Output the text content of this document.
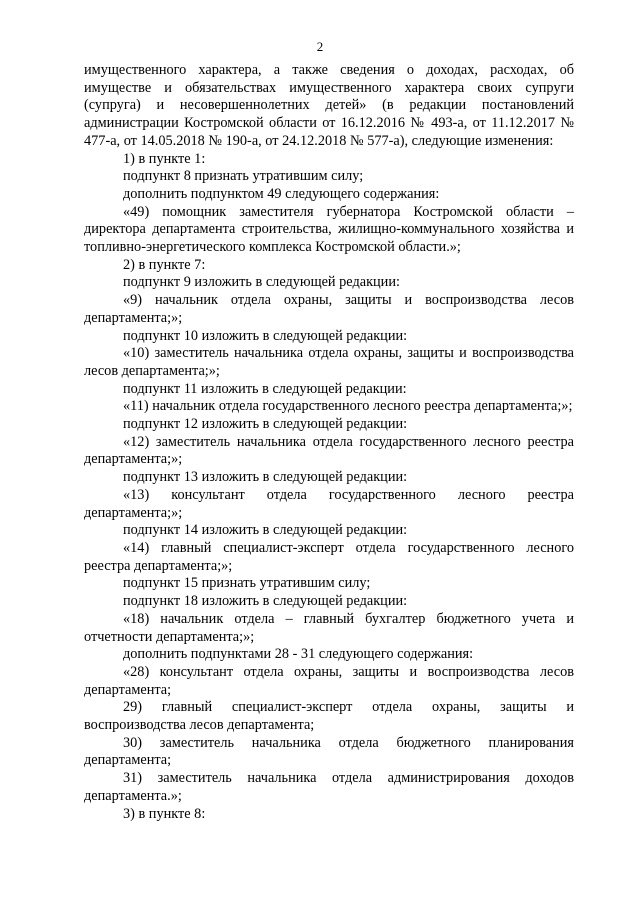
2

имущественного характера, а также сведения о доходах, расходах, об имуществе и обязательствах имущественного характера своих супруги (супруга) и несовершеннолетних детей» (в редакции постановлений администрации Костромской области от 16.12.2016 № 493-а, от 11.12.2017 № 477-а, от 14.05.2018 № 190-а, от 24.12.2018 № 577-а), следующие изменения:

1) в пункте 1:

подпункт 8 признать утратившим силу;

дополнить подпунктом 49 следующего содержания:

«49) помощник заместителя губернатора Костромской области – директора департамента строительства, жилищно-коммунального хозяйства и топливно-энергетического комплекса Костромской области.»;

2) в пункте 7:

подпункт 9 изложить в следующей редакции:

«9) начальник отдела охраны, защиты и воспроизводства лесов департамента;»;

подпункт 10 изложить в следующей редакции:

«10) заместитель начальника отдела охраны, защиты и воспроизводства лесов департамента;»;

подпункт 11 изложить в следующей редакции:

«11) начальник отдела государственного лесного реестра департамента;»;

подпункт 12 изложить в следующей редакции:

«12) заместитель начальника отдела государственного лесного реестра департамента;»;

подпункт 13 изложить в следующей редакции:

«13) консультант отдела государственного лесного реестра департамента;»;

подпункт 14 изложить в следующей редакции:

«14) главный специалист-эксперт отдела государственного лесного реестра департамента;»;

подпункт 15 признать утратившим силу;

подпункт 18 изложить в следующей редакции:

«18) начальник отдела – главный бухгалтер бюджетного учета и отчетности департамента;»;

дополнить подпунктами 28 - 31 следующего содержания:

«28) консультант отдела охраны, защиты и воспроизводства лесов департамента;

29) главный специалист-эксперт отдела охраны, защиты и воспроизводства лесов департамента;

30) заместитель начальника отдела бюджетного планирования департамента;

31) заместитель начальника отдела администрирования доходов департамента.»;

3) в пункте 8:
